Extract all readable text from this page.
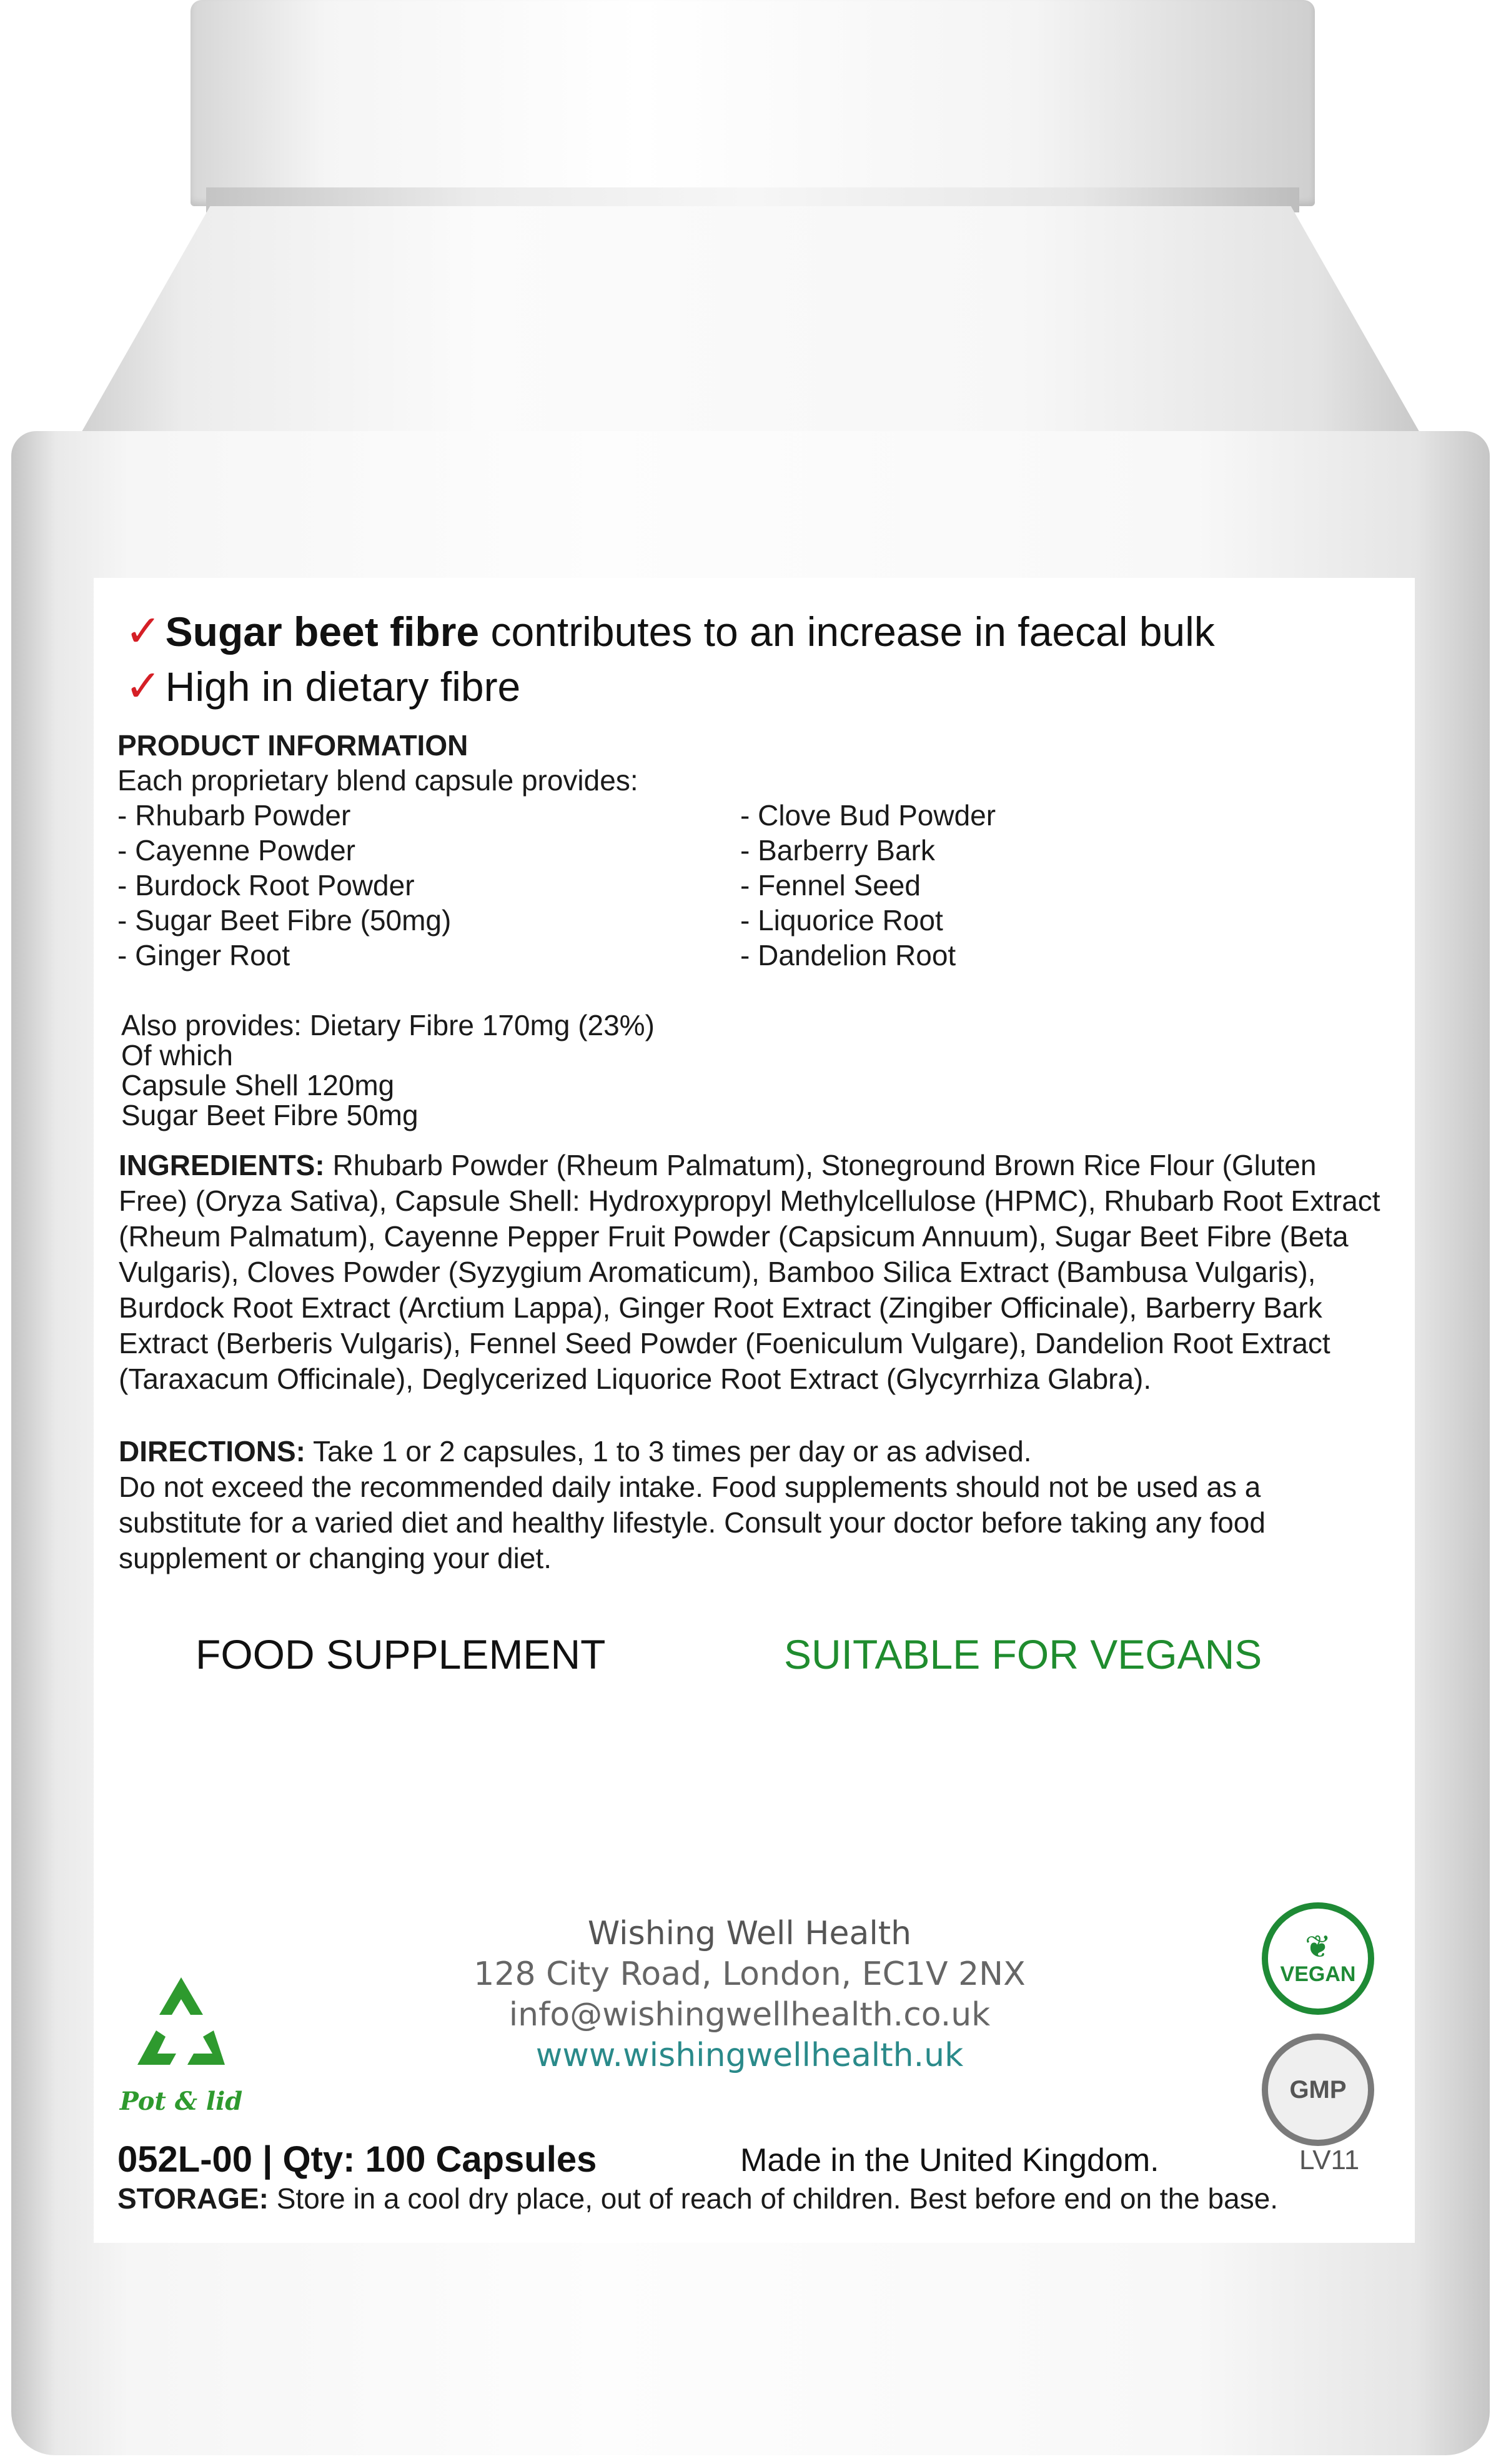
✓Sugar beet fibre contributes to an increase in faecal bulk
✓High in dietary fibre
PRODUCT INFORMATION
Each proprietary blend capsule provides:
- Rhubarb Powder
- Cayenne Powder
- Burdock Root Powder
- Sugar Beet Fibre (50mg)
- Ginger Root
- Clove Bud Powder
- Barberry Bark
- Fennel Seed
- Liquorice Root
- Dandelion Root
Also provides: Dietary Fibre 170mg (23%)
Of which
Capsule Shell 120mg
Sugar Beet Fibre 50mg
INGREDIENTS: Rhubarb Powder (Rheum Palmatum), Stoneground Brown Rice Flour (Gluten Free) (Oryza Sativa), Capsule Shell: Hydroxypropyl Methylcellulose (HPMC), Rhubarb Root Extract (Rheum Palmatum), Cayenne Pepper Fruit Powder (Capsicum Annuum), Sugar Beet Fibre (Beta Vulgaris), Cloves Powder (Syzygium Aromaticum), Bamboo Silica Extract (Bambusa Vulgaris), Burdock Root Extract (Arctium Lappa), Ginger Root Extract (Zingiber Officinale), Barberry Bark Extract (Berberis Vulgaris), Fennel Seed Powder (Foeniculum Vulgare), Dandelion Root Extract (Taraxacum Officinale), Deglycerized Liquorice Root Extract (Glycyrrhiza Glabra).
DIRECTIONS: Take 1 or 2 capsules, 1 to 3 times per day or as advised.
Do not exceed the recommended daily intake. Food supplements should not be used as a substitute for a varied diet and healthy lifestyle. Consult your doctor before taking any food supplement or changing your diet.
FOOD SUPPLEMENT	SUITABLE FOR VEGANS
Wishing Well Health
128 City Road, London, EC1V 2NX
info@wishingwellhealth.co.uk
www.wishingwellhealth.uk
❦
VEGAN
GMP
Pot & lid
052L-00 | Qty: 100 Capsules	Made in the United Kingdom.	LV11
STORAGE: Store in a cool dry place, out of reach of children. Best before end on the base.
